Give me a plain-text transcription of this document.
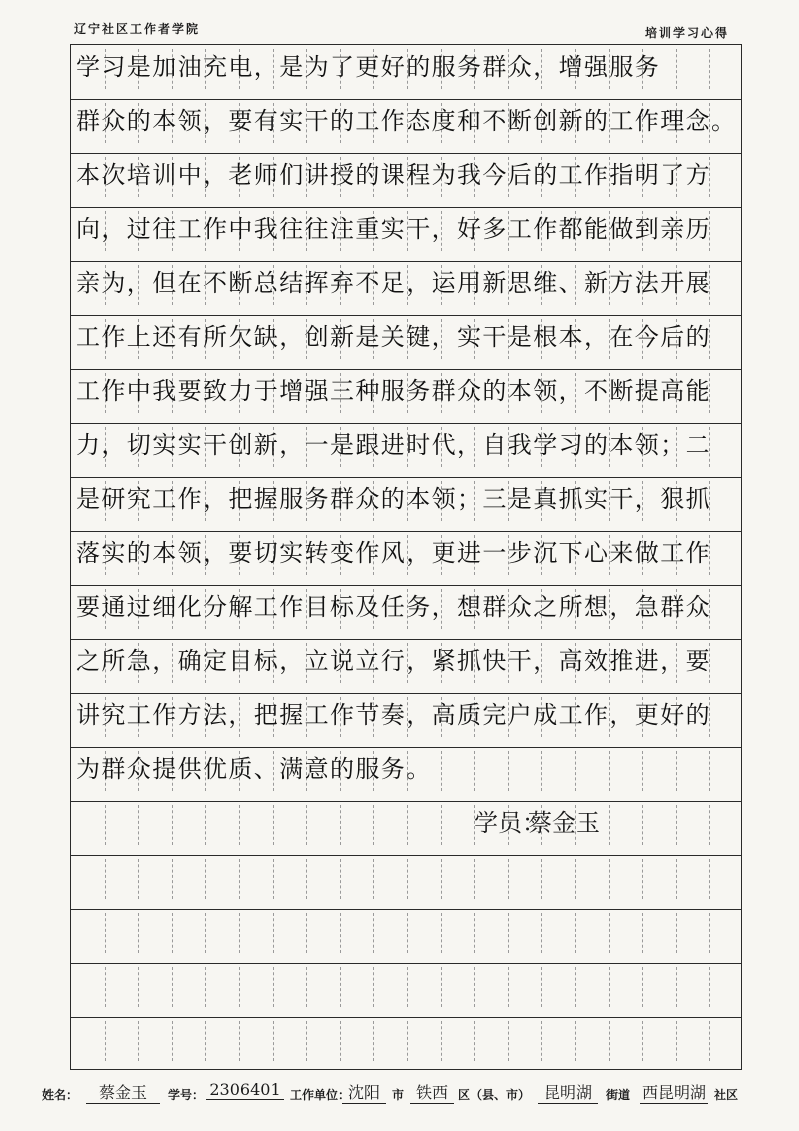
辽宁社区工作者学院	培训学习心得
学习是加油充电，是为了更好的服务群众，增强服务
群众的本领，要有实干的工作态度和不断创新的工作理念。
本次培训中，老师们讲授的课程为我今后的工作指明了方
向，过往工作中我往往注重实干，好多工作都能做到亲历
亲为，但在不断总结挥弃不足，运用新思维、新方法开展
工作上还有所欠缺，创新是关键，实干是根本，在今后的
工作中我要致力于增强三种服务群众的本领，不断提高能
力，切实实干创新，一是跟进时代，自我学习的本领；二
是研究工作，把握服务群众的本领；三是真抓实干，狠抓
落实的本领，要切实转变作风，更进一步沉下心来做工作
要通过细化分解工作目标及任务，想群众之所想，急群众
之所急，确定目标，立说立行，紧抓快干，高效推进，要
讲究工作方法，把握工作节奏，高质完户成工作，更好的
学员：
蔡金玉
为群众提供优质、满意的服务。
姓名：	蔡金玉	学号： 2306401 工作单位：
沈阳	市 铁西 区（县、市） 昆明湖	街道 西昆明湖 社区
